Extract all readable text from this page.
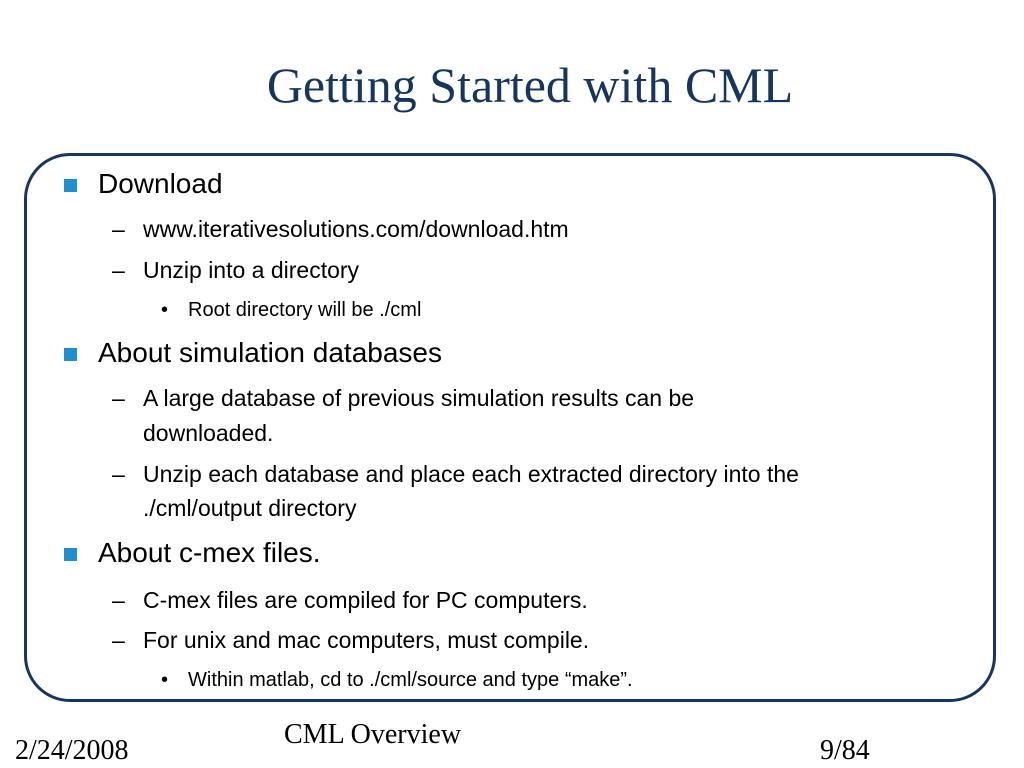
Getting Started with CML
Download
– www.iterativesolutions.com/download.htm
– Unzip into a directory
• Root directory will be ./cml
About simulation databases
– A large database of previous simulation results can be
downloaded.
– Unzip each database and place each extracted directory into the
./cml/output directory
About c-mex files.
– C-mex files are compiled for PC computers.
– For unix and mac computers, must compile.
• Within matlab, cd to ./cml/source and type “make”.
2/24/2008
CML Overview
9/84
